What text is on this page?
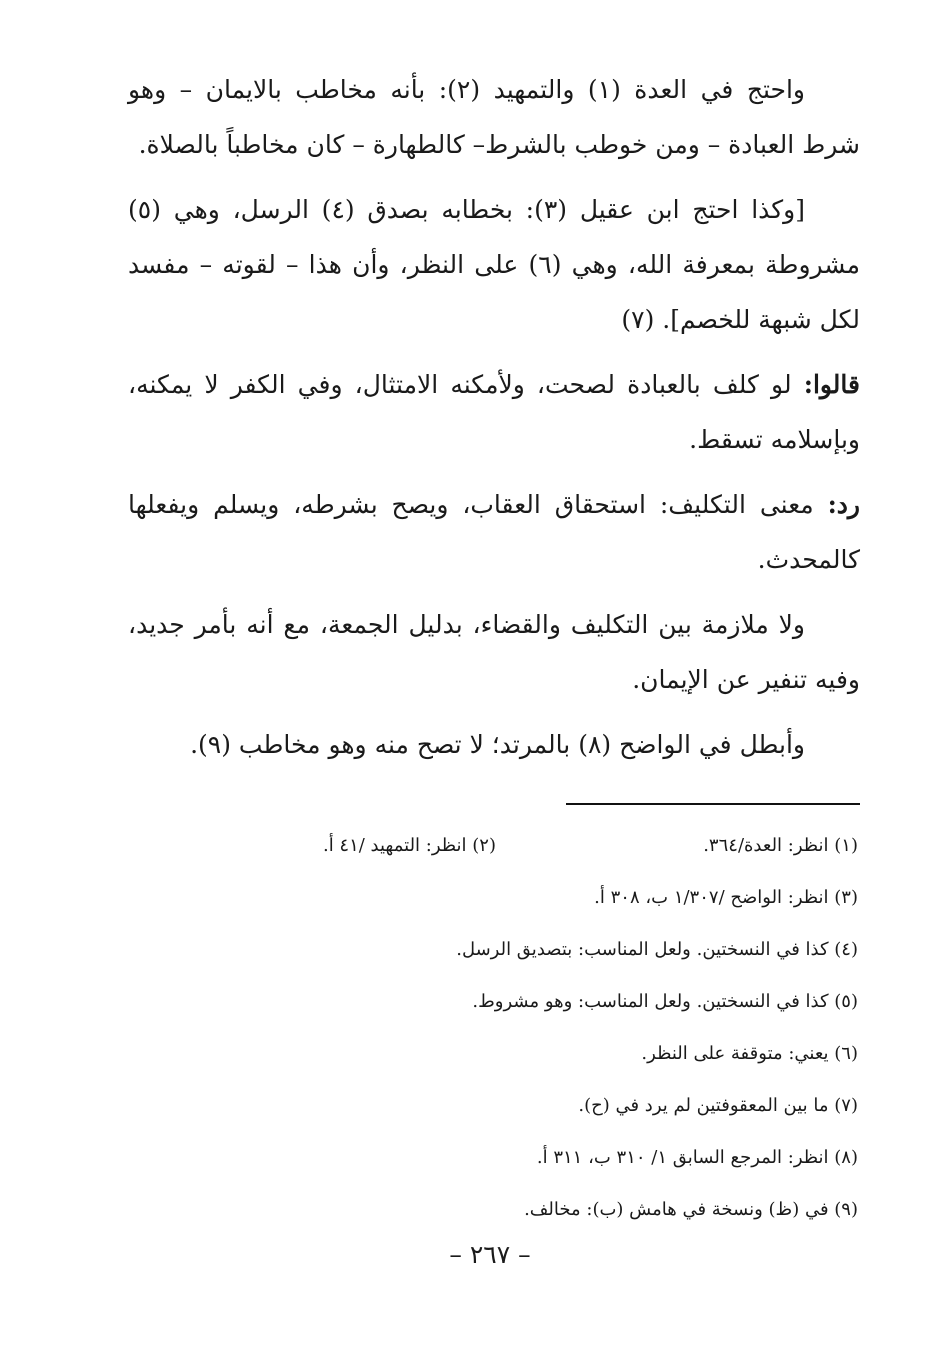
واحتج في العدة (١) والتمهيد (٢): بأنه مخاطب بالايمان – وهو شرط العبادة – ومن خوطب بالشرط– كالطهارة – كان مخاطباً بالصلاة.

[وكذا احتج ابن عقيل (٣): بخطابه بصدق (٤) الرسل، وهي (٥) مشروطة بمعرفة الله، وهي (٦) على النظر، وأن هذا – لقوته – مفسد لكل شبهة للخصم]. (٧)

قالوا: لو كلف بالعبادة لصحت، ولأمكنه الامتثال، وفي الكفر لا يمكنه، وبإسلامه تسقط.

رد: معنى التكليف: استحقاق العقاب، ويصح بشرطه، ويسلم ويفعلها كالمحدث.

ولا ملازمة بين التكليف والقضاء، بدليل الجمعة، مع أنه بأمر جديد، وفيه تنفير عن الإيمان.

وأبطل في الواضح (٨) بالمرتد؛ لا تصح منه وهو مخاطب (٩).

(١) انظر: العدة/٣٦٤.
(٢) انظر: التمهيد /٤١ أ.
(٣) انظر: الواضح /١/٣٠٧ ب، ٣٠٨ أ.
(٤) كذا في النسختين. ولعل المناسب: بتصديق الرسل.
(٥) كذا في النسختين. ولعل المناسب: وهو مشروط.
(٦) يعني: متوقفة على النظر.
(٧) ما بين المعقوفتين لم يرد في (ح).
(٨) انظر: المرجع السابق ١/ ٣١٠ ب، ٣١١ أ.
(٩) في (ظ) ونسخة في هامش (ب): مخالف.
– ٢٦٧ –
